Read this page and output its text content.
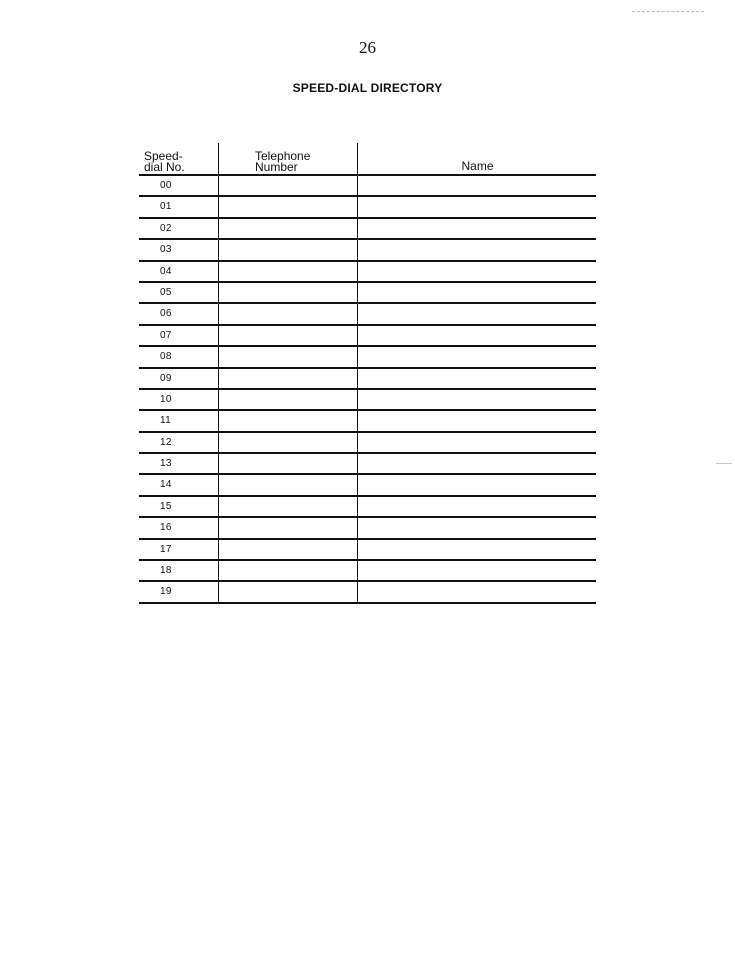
26
SPEED-DIAL DIRECTORY
Speed-
dial No.
Telephone
Number	Name
00
01
02
03
04
05
06
07
08
09
10
11
12
13
14
15
16
17
18
19
